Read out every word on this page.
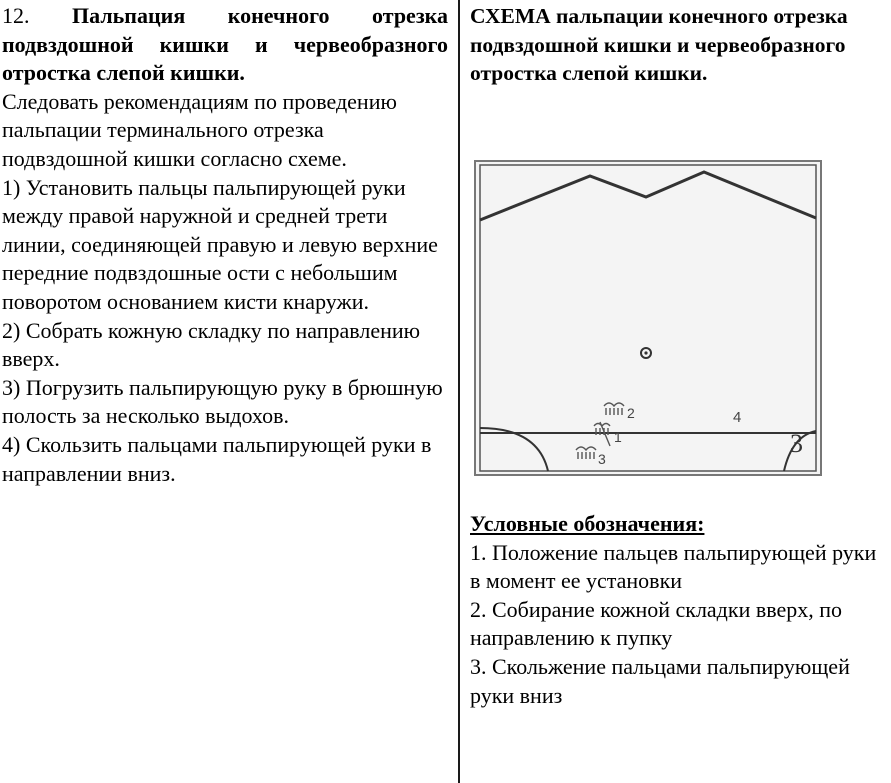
12. Пальпация конечного отрезка подвздошной кишки и червеобразного отростка слепой кишки.

Следовать рекомендациям по проведению пальпации терминального отрезка подвздошной кишки согласно схеме.

1) Установить пальцы пальпирующей руки между правой наружной и средней трети линии, соединяющей правую и левую верхние передние подвздошные ости с небольшим поворотом основанием кисти кнаружи.

2) Собрать кожную складку по направлению вверх.

3) Погрузить пальпирующую руку в брюшную полость за несколько выдохов.

4) Скользить пальцами пальпирующей руки в направлении вниз.

СХЕМА пальпации конечного отрезка подвздошной кишки и червеобразного отростка слепой кишки.

2
1
3
4
3

Условные обозначения:

1. Положение пальцев пальпирующей руки в момент ее установки

2. Собирание кожной складки вверх, по направлению к пупку

3. Скольжение пальцами пальпирующей руки вниз
